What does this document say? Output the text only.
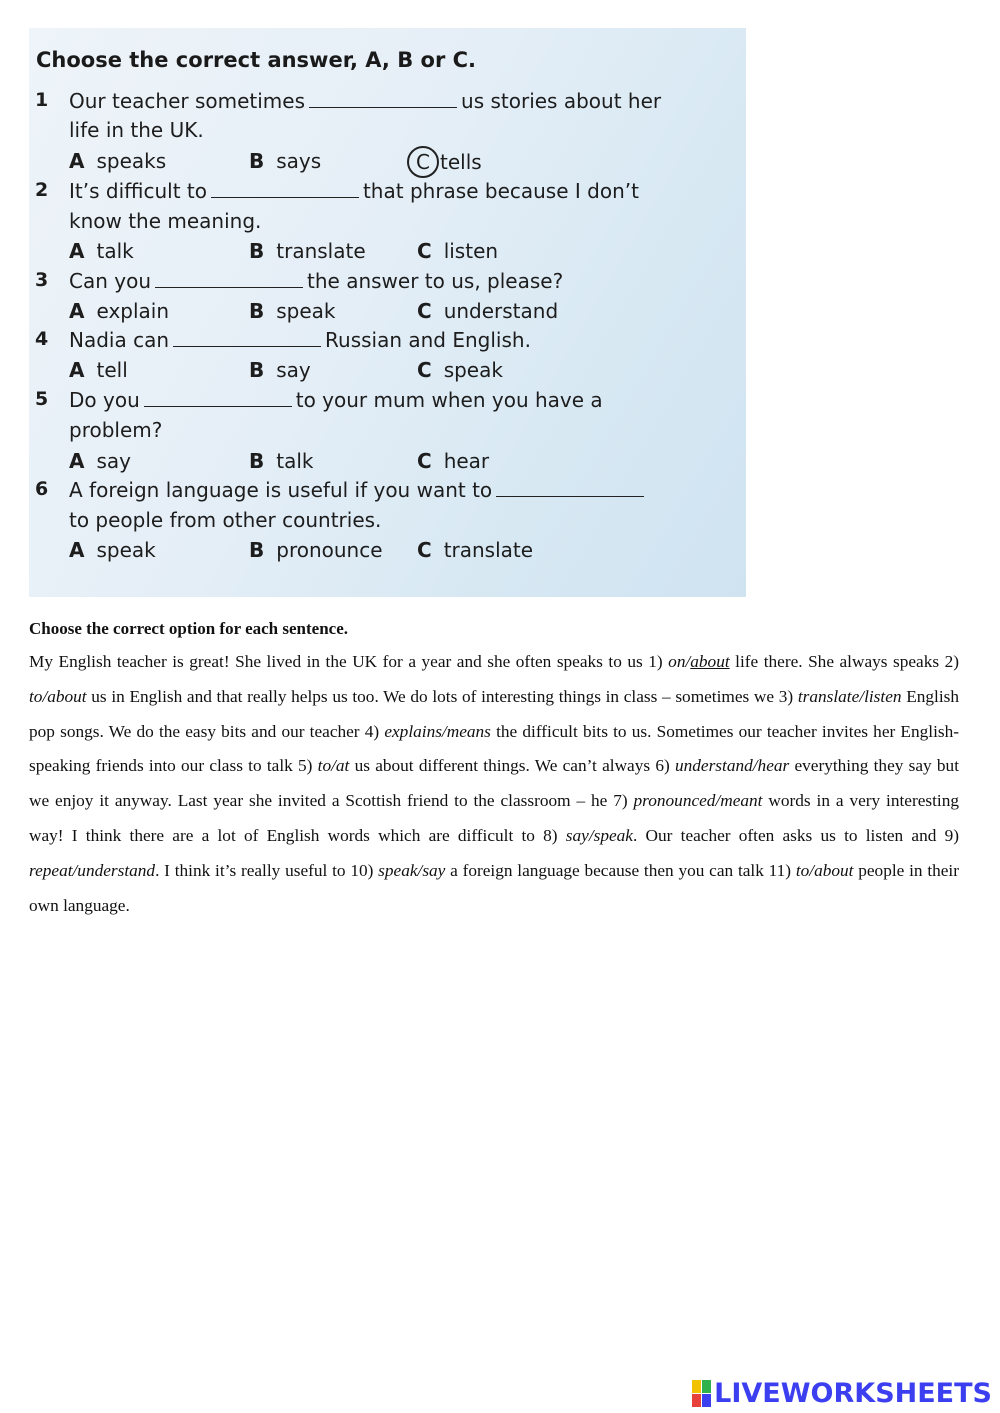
Choose the correct answer, A, B or C.
1 Our teacher sometimes	us stories about her
life in the UK.
A speaks	B says	C tells
2 It’s difficult to	that phrase because I don’t
know the meaning.
A talk	B translate	C listen
3 Can you	the answer to us, please?
A explain	B speak	C understand
4 Nadia can	Russian and English.
A tell	B say	C speak
5 Do you	to your mum when you have a
problem?
A say	B talk	C hear
6 A foreign language is useful if you want to
to people from other countries.
A speak	B pronounce C translate
Choose the correct option for each sentence.

My English teacher is great! She lived in the UK for a year and she often speaks to us 1) on/about life there. She always speaks 2) to/about us in English and that really helps us too. We do lots of interesting things in class – sometimes we 3) translate/listen English pop songs. We do the easy bits and our teacher 4) explains/means the difficult bits to us. Sometimes our teacher invites her English-speaking friends into our class to talk 5) to/at us about different things. We can’t always 6) understand/hear everything they say but we enjoy it anyway. Last year she invited a Scottish friend to the classroom – he 7) pronounced/meant words in a very interesting way! I think there are a lot of English words which are difficult to 8) say/speak. Our teacher often asks us to listen and 9) repeat/understand. I think it’s really useful to 10) speak/say a foreign language because then you can talk 11) to/about people in their own language.

LIVEWORKSHEETS
